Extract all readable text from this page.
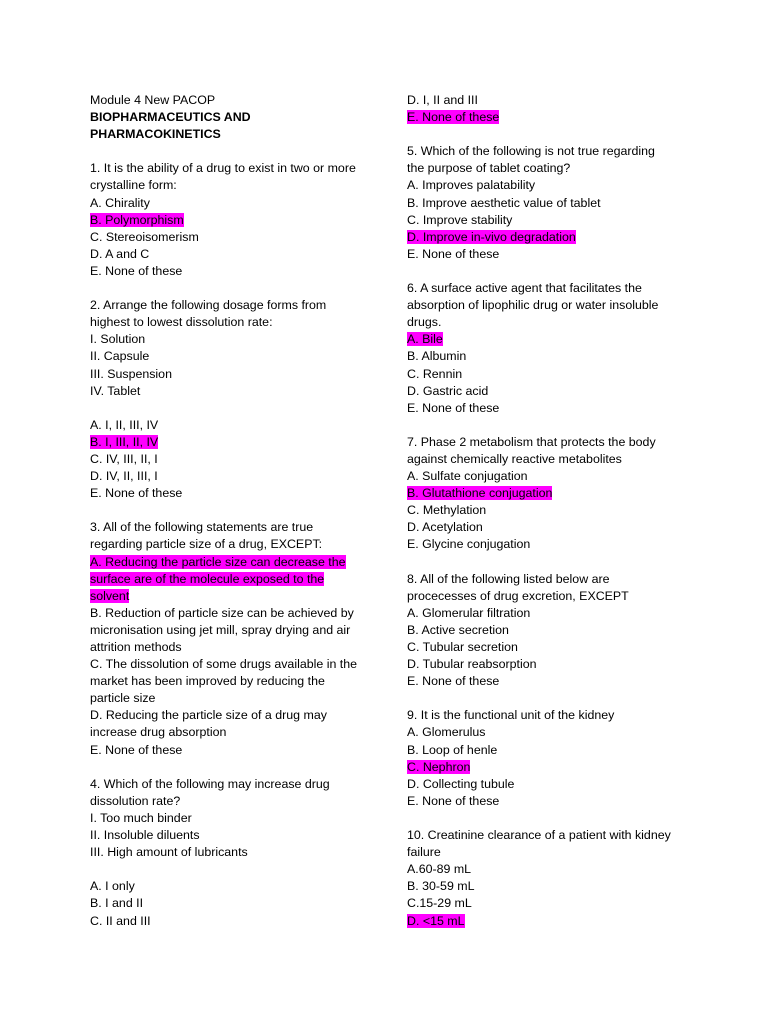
Module 4 New PACOP
BIOPHARMACEUTICS AND
PHARMACOKINETICS
1. It is the ability of a drug to exist in two or more
crystalline form:
A. Chirality
B. Polymorphism
C. Stereoisomerism
D. A and C
E. None of these
2. Arrange the following dosage forms from
highest to lowest dissolution rate:
I. Solution
II. Capsule
III. Suspension
IV. Tablet
A. I, II, III, IV
B. I, III, II, IV
C. IV, III, II, I
D. IV, II, III, I
E. None of these
3. All of the following statements are true
regarding particle size of a drug, EXCEPT:
A. Reducing the particle size can decrease the
surface are of the molecule exposed to the
solvent
B. Reduction of particle size can be achieved by
micronisation using jet mill, spray drying and air
attrition methods
C. The dissolution of some drugs available in the
market has been improved by reducing the
particle size
D. Reducing the particle size of a drug may
increase drug absorption
E. None of these
4. Which of the following may increase drug
dissolution rate?
I. Too much binder
II. Insoluble diluents
III. High amount of lubricants
A. I only
B. I and II
C. II and III
D. I, II and III
E. None of these
5. Which of the following is not true regarding
the purpose of tablet coating?
A. Improves palatability
B. Improve aesthetic value of tablet
C. Improve stability
D. Improve in-vivo degradation
E. None of these
6. A surface active agent that facilitates the
absorption of lipophilic drug or water insoluble
drugs.
A. Bile
B. Albumin
C. Rennin
D. Gastric acid
E. None of these
7. Phase 2 metabolism that protects the body
against chemically reactive metabolites
A. Sulfate conjugation
B. Glutathione conjugation
C. Methylation
D. Acetylation
E. Glycine conjugation
8. All of the following listed below are
procecesses of drug excretion, EXCEPT
A. Glomerular filtration
B. Active secretion
C. Tubular secretion
D. Tubular reabsorption
E. None of these
9. It is the functional unit of the kidney
A. Glomerulus
B. Loop of henle
C. Nephron
D. Collecting tubule
E. None of these
10. Creatinine clearance of a patient with kidney
failure
A.60-89 mL
B. 30-59 mL
C.15-29 mL
D. <15 mL
